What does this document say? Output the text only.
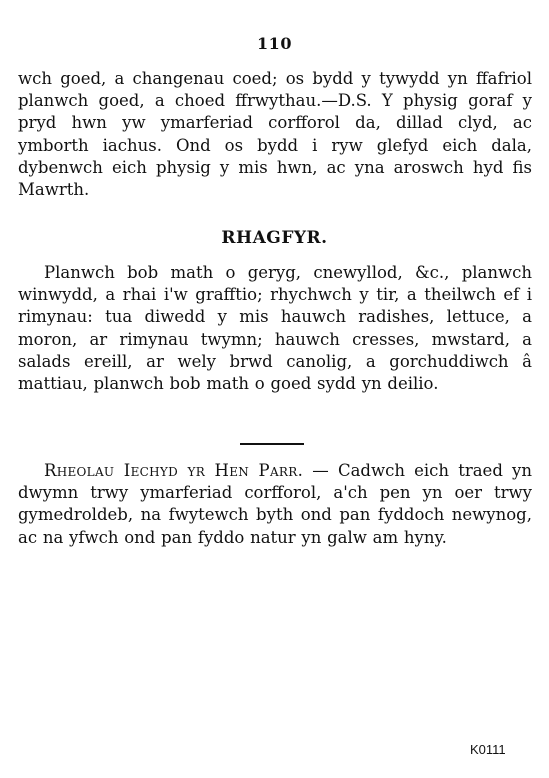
110

wch goed, a changenau coed; os bydd y tywydd yn ffafriol planwch goed, a choed ffrwythau.—D.S. Y physig goraf y pryd hwn yw ymarferiad corfforol da, dillad clyd, ac ymborth iachus. Ond os bydd i ryw glefyd eich dala, dybenwch eich physig y mis hwn, ac yna aroswch hyd fis Mawrth.

RHAGFYR.

Planwch bob math o geryg, cnewyllod, &c., planwch winwydd, a rhai i'w grafftio; rhychwch y tir, a theilwch ef i rimynau: tua diwedd y mis hauwch radishes, lettuce, a moron, ar rimynau twymn; hauwch cresses, mwstard, a salads ereill, ar wely brwd canolig, a gorchuddiwch â mattiau, planwch bob math o goed sydd yn deilio.

Rheolau Iechyd yr Hen Parr. — Cadwch eich traed yn dwymn trwy ymarferiad corfforol, a'ch pen yn oer trwy gymedroldeb, na fwytewch byth ond pan fyddoch newynog, ac na yfwch ond pan fyddo natur yn galw am hyny.

K0111
